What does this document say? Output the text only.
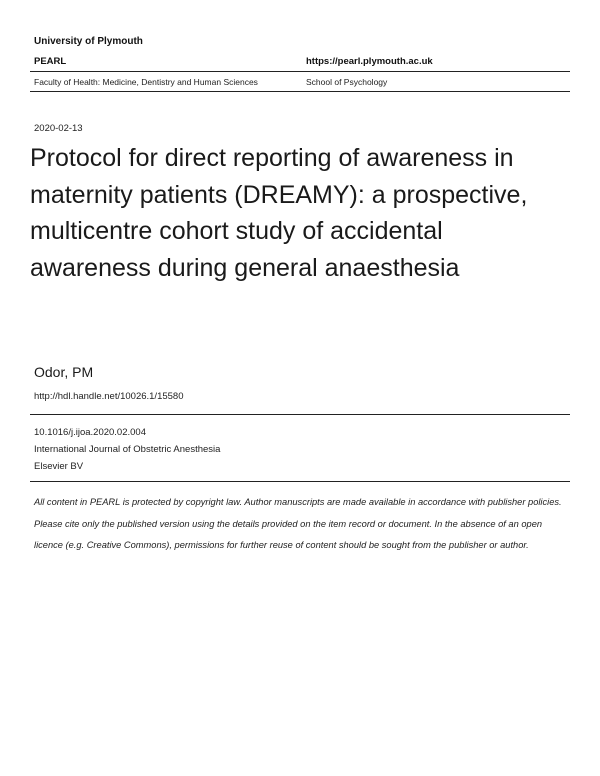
University of Plymouth
PEARL	https://pearl.plymouth.ac.uk
Faculty of Health: Medicine, Dentistry and Human Sciences	School of Psychology
2020-02-13
Protocol for direct reporting of awareness in maternity patients (DREAMY): a prospective, multicentre cohort study of accidental awareness during general anaesthesia
Odor, PM
http://hdl.handle.net/10026.1/15580
10.1016/j.ijoa.2020.02.004
International Journal of Obstetric Anesthesia
Elsevier BV
All content in PEARL is protected by copyright law. Author manuscripts are made available in accordance with publisher policies. Please cite only the published version using the details provided on the item record or document. In the absence of an open licence (e.g. Creative Commons), permissions for further reuse of content should be sought from the publisher or author.
